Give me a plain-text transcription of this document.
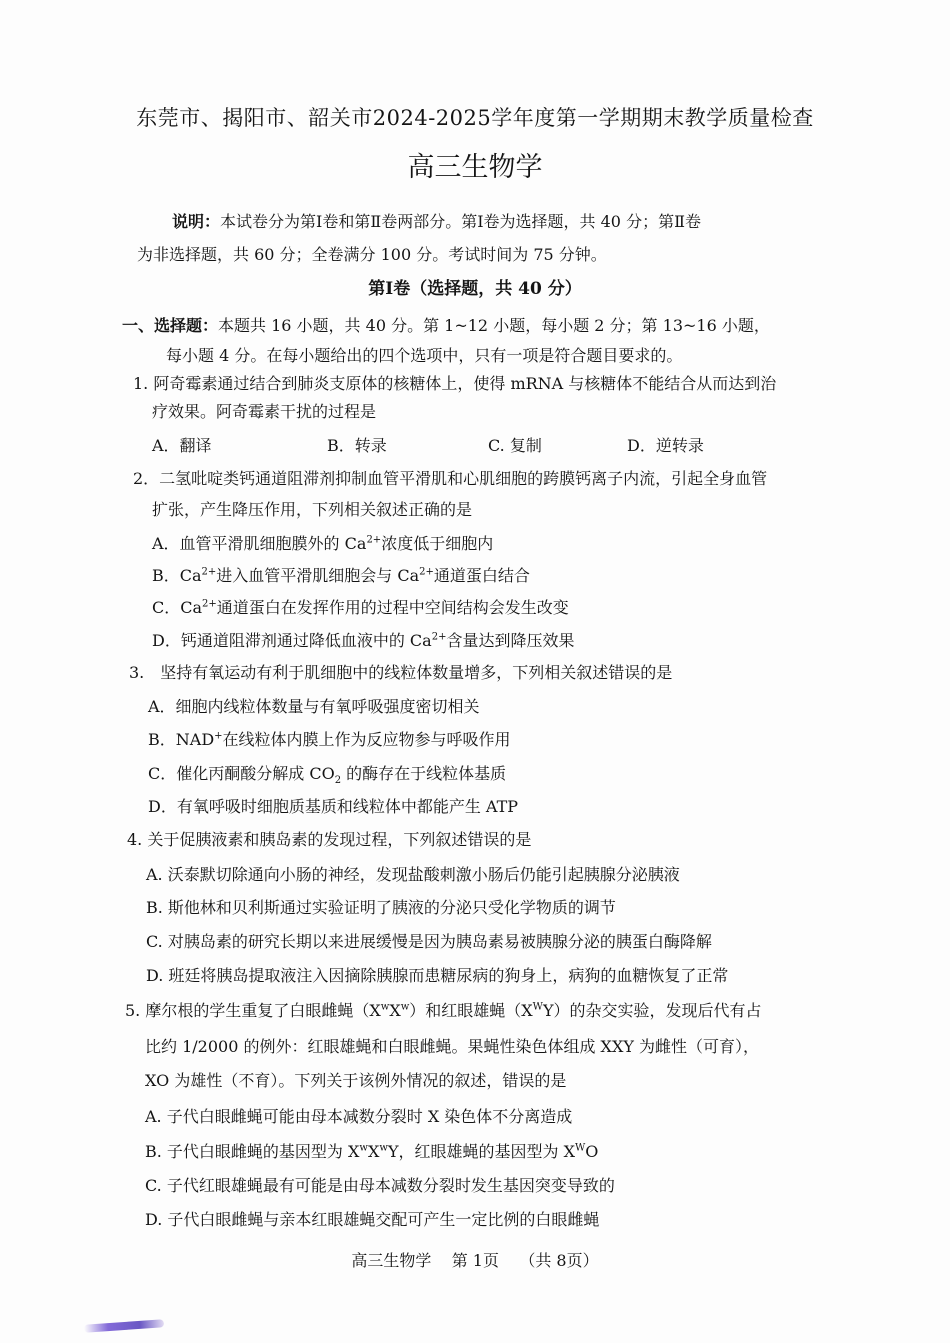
东莞市、揭阳市、韶关市2024-2025学年度第一学期期末教学质量检查
高三生物学
说明：本试卷分为第Ⅰ卷和第Ⅱ卷两部分。第Ⅰ卷为选择题，共 40 分；第Ⅱ卷
为非选择题，共 60 分；全卷满分 100 分。考试时间为 75 分钟。
第Ⅰ卷（选择题，共 40 分）
一、选择题：本题共 16 小题，共 40 分。第 1~12 小题，每小题 2 分；第 13~16 小题，
每小题 4 分。在每小题给出的四个选项中，只有一项是符合题目要求的。
1. 阿奇霉素通过结合到肺炎支原体的核糖体上，使得 mRNA 与核糖体不能结合从而达到治
疗效果。阿奇霉素干扰的过程是
A．翻译	B．转录	C. 复制	D．逆转录
2．二氢吡啶类钙通道阻滞剂抑制血管平滑肌和心肌细胞的跨膜钙离子内流，引起全身血管
扩张，产生降压作用，下列相关叙述正确的是
A．血管平滑肌细胞膜外的 $Ca^{2+}$浓度低于细胞内
B．$Ca^{2+}$进入血管平滑肌细胞会与 $Ca^{2+}$通道蛋白结合
C．$Ca^{2+}$通道蛋白在发挥作用的过程中空间结构会发生改变
D．钙通道阻滞剂通过降低血液中的 $Ca^{2+}$含量达到降压效果
3.　坚持有氧运动有利于肌细胞中的线粒体数量增多，下列相关叙述错误的是
A．细胞内线粒体数量与有氧呼吸强度密切相关
B．NAD+在线粒体内膜上作为反应物参与呼吸作用
C．催化丙酮酸分解成 $CO_2$ 的酶存在于线粒体基质
D．有氧呼吸时细胞质基质和线粒体中都能产生 ATP
4. 关于促胰液素和胰岛素的发现过程，下列叙述错误的是
A. 沃泰默切除通向小肠的神经，发现盐酸刺激小肠后仍能引起胰腺分泌胰液
B. 斯他林和贝利斯通过实验证明了胰液的分泌只受化学物质的调节
C. 对胰岛素的研究长期以来进展缓慢是因为胰岛素易被胰腺分泌的胰蛋白酶降解
D. 班廷将胰岛提取液注入因摘除胰腺而患糖尿病的狗身上，病狗的血糖恢复了正常
5. 摩尔根的学生重复了白眼雌蝇$(X^wX^w)$和红眼雄蝇$(X^WY)$的杂交实验，发现后代有占
比约 1/2000 的例外：红眼雄蝇和白眼雌蝇。果蝇性染色体组成 XXY 为雌性（可育），
XO 为雄性（不育）。下列关于该例外情况的叙述，错误的是
A. 子代白眼雌蝇可能由母本减数分裂时 X 染色体不分离造成
B. 子代白眼雌蝇的基因型为 $X^wX^wY$，红眼雄蝇的基因型为 $X^WO$
C. 子代红眼雄蝇最有可能是由母本减数分裂时发生基因突变导致的
D. 子代白眼雌蝇与亲本红眼雄蝇交配可产生一定比例的白眼雌蝇
高三生物学 第 1页 （共 8页）
